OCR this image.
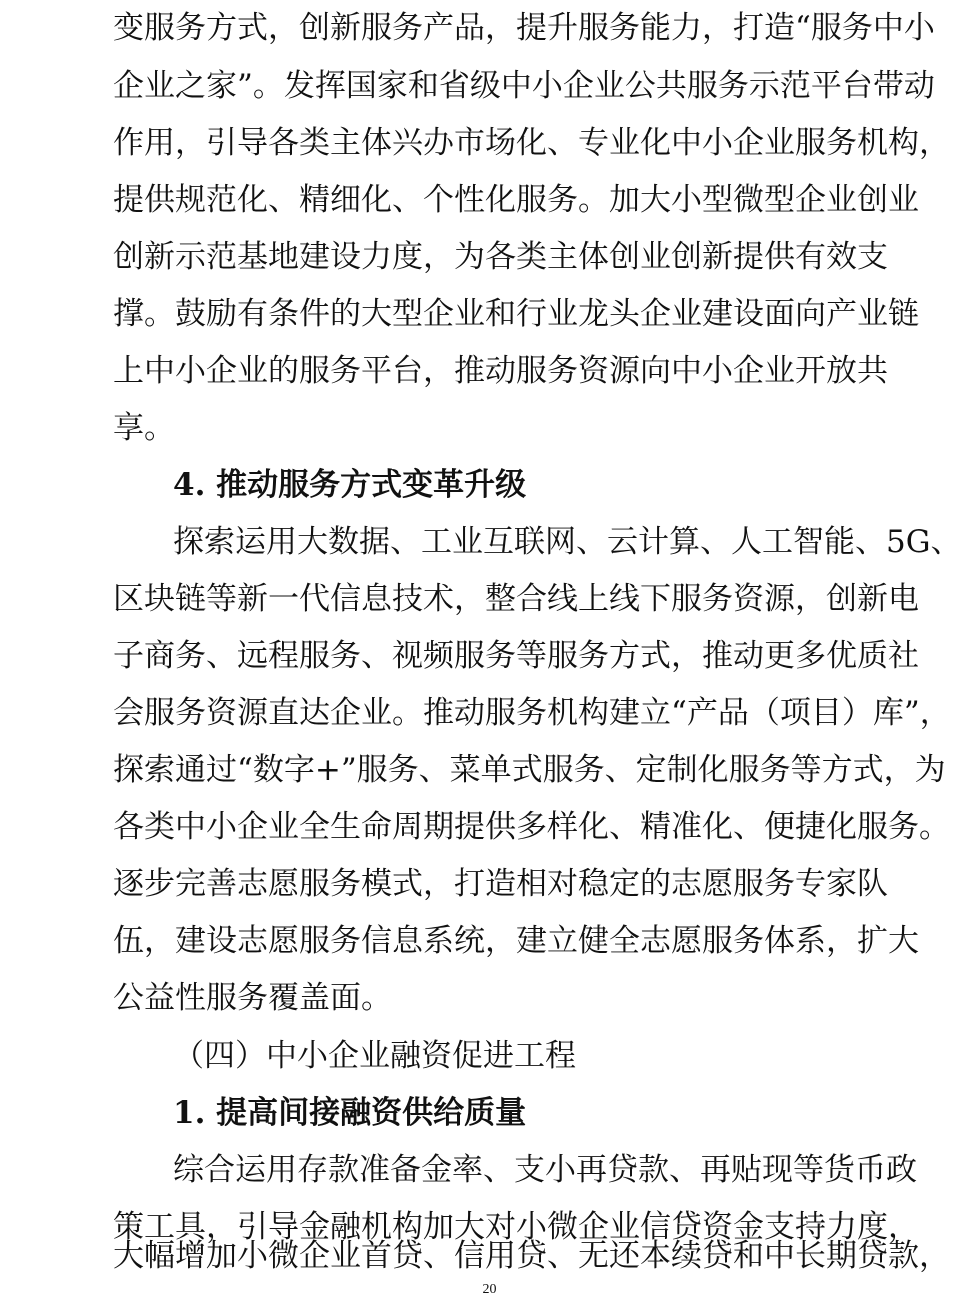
变服务方式，创新服务产品，提升服务能力，打造“服务中小
企业之家”。发挥国家和省级中小企业公共服务示范平台带动
作用，引导各类主体兴办市场化、专业化中小企业服务机构，
提供规范化、精细化、个性化服务。加大小型微型企业创业
创新示范基地建设力度，为各类主体创业创新提供有效支
撑。鼓励有条件的大型企业和行业龙头企业建设面向产业链
上中小企业的服务平台，推动服务资源向中小企业开放共
享。
4. 推动服务方式变革升级
探索运用大数据、工业互联网、云计算、人工智能、5G、
区块链等新一代信息技术，整合线上线下服务资源，创新电
子商务、远程服务、视频服务等服务方式，推动更多优质社
会服务资源直达企业。推动服务机构建立“产品（项目）库”，
探索通过“数字+”服务、菜单式服务、定制化服务等方式，为
各类中小企业全生命周期提供多样化、精准化、便捷化服务。
逐步完善志愿服务模式，打造相对稳定的志愿服务专家队
伍，建设志愿服务信息系统，建立健全志愿服务体系，扩大
公益性服务覆盖面。
（四）中小企业融资促进工程
1. 提高间接融资供给质量
综合运用存款准备金率、支小再贷款、再贴现等货币政
策工具，引导金融机构加大对小微企业信贷资金支持力度，
大幅增加小微企业首贷、信用贷、无还本续贷和中长期贷款，
20
